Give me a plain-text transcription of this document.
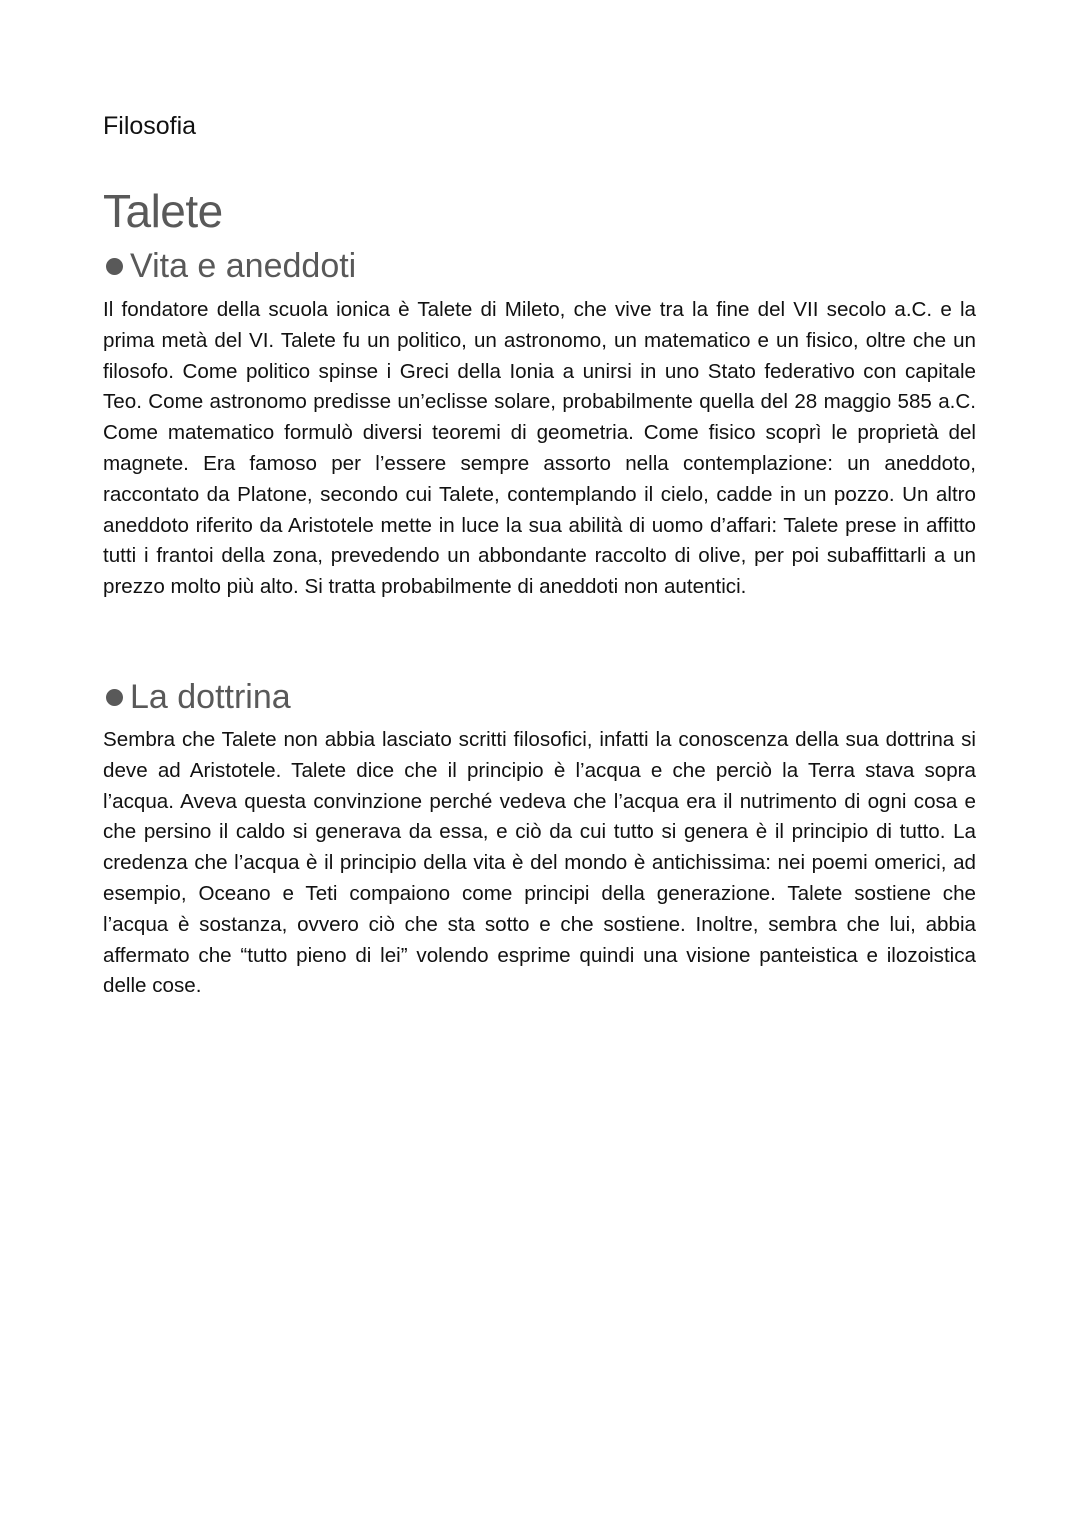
Filosofia
Talete
Vita e aneddoti

Il fondatore della scuola ionica è Talete di Mileto, che vive tra la fine del VII secolo a.C. e la prima metà del VI. Talete fu un politico, un astronomo, un matematico e un fisico, oltre che un filosofo. Come politico spinse i Greci della Ionia a unirsi in uno Stato federativo con capitale Teo. Come astronomo predisse un’eclisse solare, probabilmente quella del 28 maggio 585 a.C. Come matematico formulò diversi teoremi di geometria. Come fisico scoprì le proprietà del magnete. Era famoso per l’essere sempre assorto nella contemplazione: un aneddoto, raccontato da Platone, secondo cui Talete, contemplando il cielo, cadde in un pozzo. Un altro aneddoto riferito da Aristotele mette in luce la sua abilità di uomo d’affari: Talete prese in affitto tutti i frantoi della zona, prevedendo un abbondante raccolto di olive, per poi subaffittarli a un prezzo molto più alto. Si tratta probabilmente di aneddoti non autentici.

La dottrina

Sembra che Talete non abbia lasciato scritti filosofici, infatti la conoscenza della sua dottrina si deve ad Aristotele. Talete dice che il principio è l’acqua e che perciò la Terra stava sopra l’acqua. Aveva questa convinzione perché vedeva che l’acqua era il nutrimento di ogni cosa e che persino il caldo si generava da essa, e ciò da cui tutto si genera è il principio di tutto. La credenza che l’acqua è il principio della vita è del mondo è antichissima: nei poemi omerici, ad esempio, Oceano e Teti compaiono come principi della generazione. Talete sostiene che l’acqua è sostanza, ovvero ciò che sta sotto e che sostiene. Inoltre, sembra che lui, abbia affermato che “tutto pieno di lei” volendo esprime quindi una visione panteistica e ilozoistica delle cose.
